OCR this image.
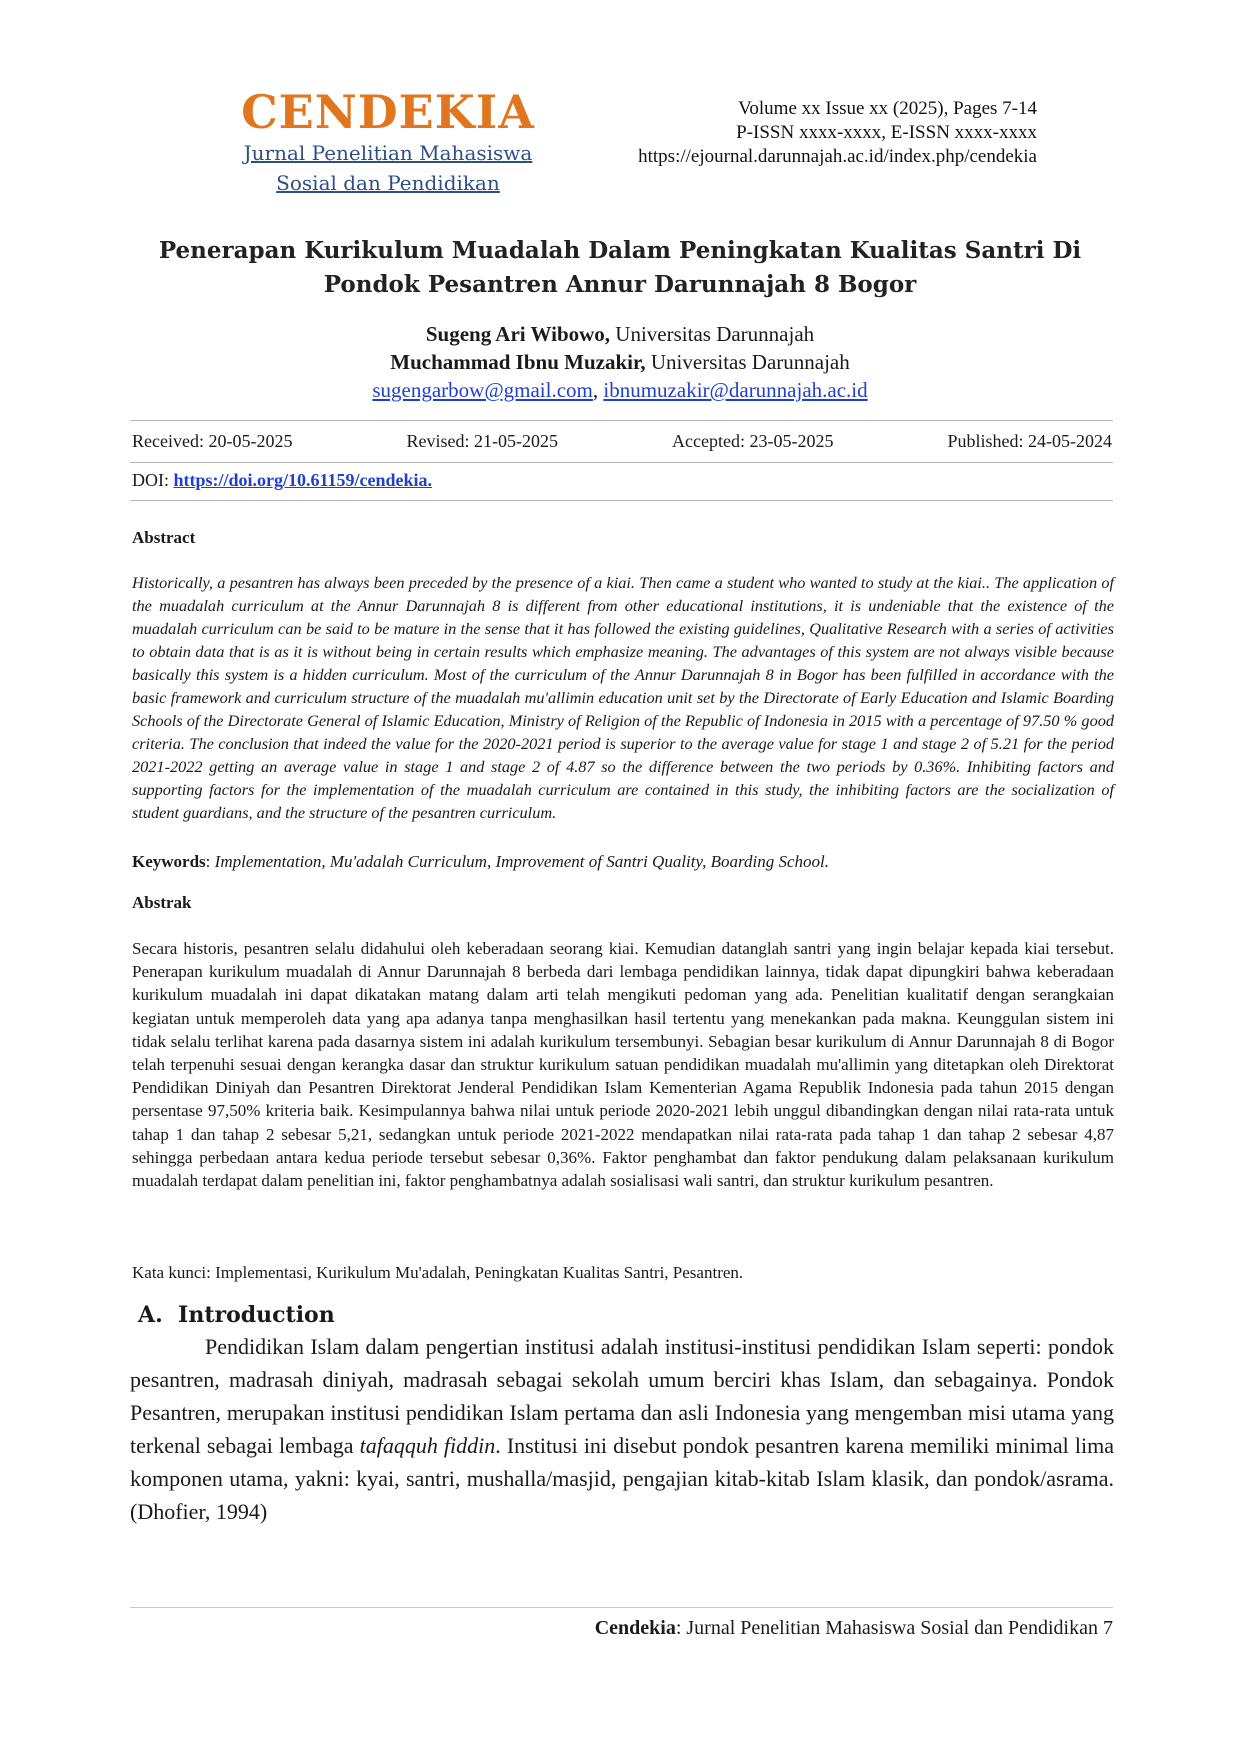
CENDEKIA
Jurnal Penelitian Mahasiswa
Sosial dan Pendidikan
Volume xx Issue xx (2025), Pages 7-14
P-ISSN xxxx-xxxx, E-ISSN xxxx-xxxx
https://ejournal.darunnajah.ac.id/index.php/cendekia
Penerapan Kurikulum Muadalah Dalam Peningkatan Kualitas Santri Di
Pondok Pesantren Annur Darunnajah 8 Bogor
Sugeng Ari Wibowo, Universitas Darunnajah
Muchammad Ibnu Muzakir, Universitas Darunnajah
sugengarbow@gmail.com, ibnumuzakir@darunnajah.ac.id
Received: 20-05-2025	Revised: 21-05-2025	Accepted: 23-05-2025	Published: 24-05-2024
DOI: https://doi.org/10.61159/cendekia.
Abstract
Historically, a pesantren has always been preceded by the presence of a kiai. Then came a student who wanted to study at the kiai.. The application of the muadalah curriculum at the Annur Darunnajah 8 is different from other educational institutions, it is undeniable that the existence of the muadalah curriculum can be said to be mature in the sense that it has followed the existing guidelines, Qualitative Research with a series of activities to obtain data that is as it is without being in certain results which emphasize meaning. The advantages of this system are not always visible because basically this system is a hidden curriculum. Most of the curriculum of the Annur Darunnajah 8 in Bogor has been fulfilled in accordance with the basic framework and curriculum structure of the muadalah mu'allimin education unit set by the Directorate of Early Education and Islamic Boarding Schools of the Directorate General of Islamic Education, Ministry of Religion of the Republic of Indonesia in 2015 with a percentage of 97.50 % good criteria. The conclusion that indeed the value for the 2020-2021 period is superior to the average value for stage 1 and stage 2 of 5.21 for the period 2021-2022 getting an average value in stage 1 and stage 2 of 4.87 so the difference between the two periods by 0.36%. Inhibiting factors and supporting factors for the implementation of the muadalah curriculum are contained in this study, the inhibiting factors are the socialization of student guardians, and the structure of the pesantren curriculum.
Keywords: Implementation, Mu'adalah Curriculum, Improvement of Santri Quality, Boarding School.
Abstrak
Secara historis, pesantren selalu didahului oleh keberadaan seorang kiai. Kemudian datanglah santri yang ingin belajar kepada kiai tersebut. Penerapan kurikulum muadalah di Annur Darunnajah 8 berbeda dari lembaga pendidikan lainnya, tidak dapat dipungkiri bahwa keberadaan kurikulum muadalah ini dapat dikatakan matang dalam arti telah mengikuti pedoman yang ada. Penelitian kualitatif dengan serangkaian kegiatan untuk memperoleh data yang apa adanya tanpa menghasilkan hasil tertentu yang menekankan pada makna. Keunggulan sistem ini tidak selalu terlihat karena pada dasarnya sistem ini adalah kurikulum tersembunyi. Sebagian besar kurikulum di Annur Darunnajah 8 di Bogor telah terpenuhi sesuai dengan kerangka dasar dan struktur kurikulum satuan pendidikan muadalah mu'allimin yang ditetapkan oleh Direktorat Pendidikan Diniyah dan Pesantren Direktorat Jenderal Pendidikan Islam Kementerian Agama Republik Indonesia pada tahun 2015 dengan persentase 97,50% kriteria baik. Kesimpulannya bahwa nilai untuk periode 2020-2021 lebih unggul dibandingkan dengan nilai rata-rata untuk tahap 1 dan tahap 2 sebesar 5,21, sedangkan untuk periode 2021-2022 mendapatkan nilai rata-rata pada tahap 1 dan tahap 2 sebesar 4,87 sehingga perbedaan antara kedua periode tersebut sebesar 0,36%. Faktor penghambat dan faktor pendukung dalam pelaksanaan kurikulum muadalah terdapat dalam penelitian ini, faktor penghambatnya adalah sosialisasi wali santri, dan struktur kurikulum pesantren.
Kata kunci: Implementasi, Kurikulum Mu'adalah, Peningkatan Kualitas Santri, Pesantren.
A.  Introduction
Pendidikan Islam dalam pengertian institusi adalah institusi-institusi pendidikan Islam seperti: pondok pesantren, madrasah diniyah, madrasah sebagai sekolah umum berciri khas Islam, dan sebagainya. Pondok Pesantren, merupakan institusi pendidikan Islam pertama dan asli Indonesia yang mengemban misi utama yang terkenal sebagai lembaga tafaqquh fiddin. Institusi ini disebut pondok pesantren karena memiliki minimal lima komponen utama, yakni: kyai, santri, mushalla/masjid, pengajian kitab-kitab Islam klasik, dan pondok/asrama. (Dhofier, 1994)
Cendekia: Jurnal Penelitian Mahasiswa Sosial dan Pendidikan 7
